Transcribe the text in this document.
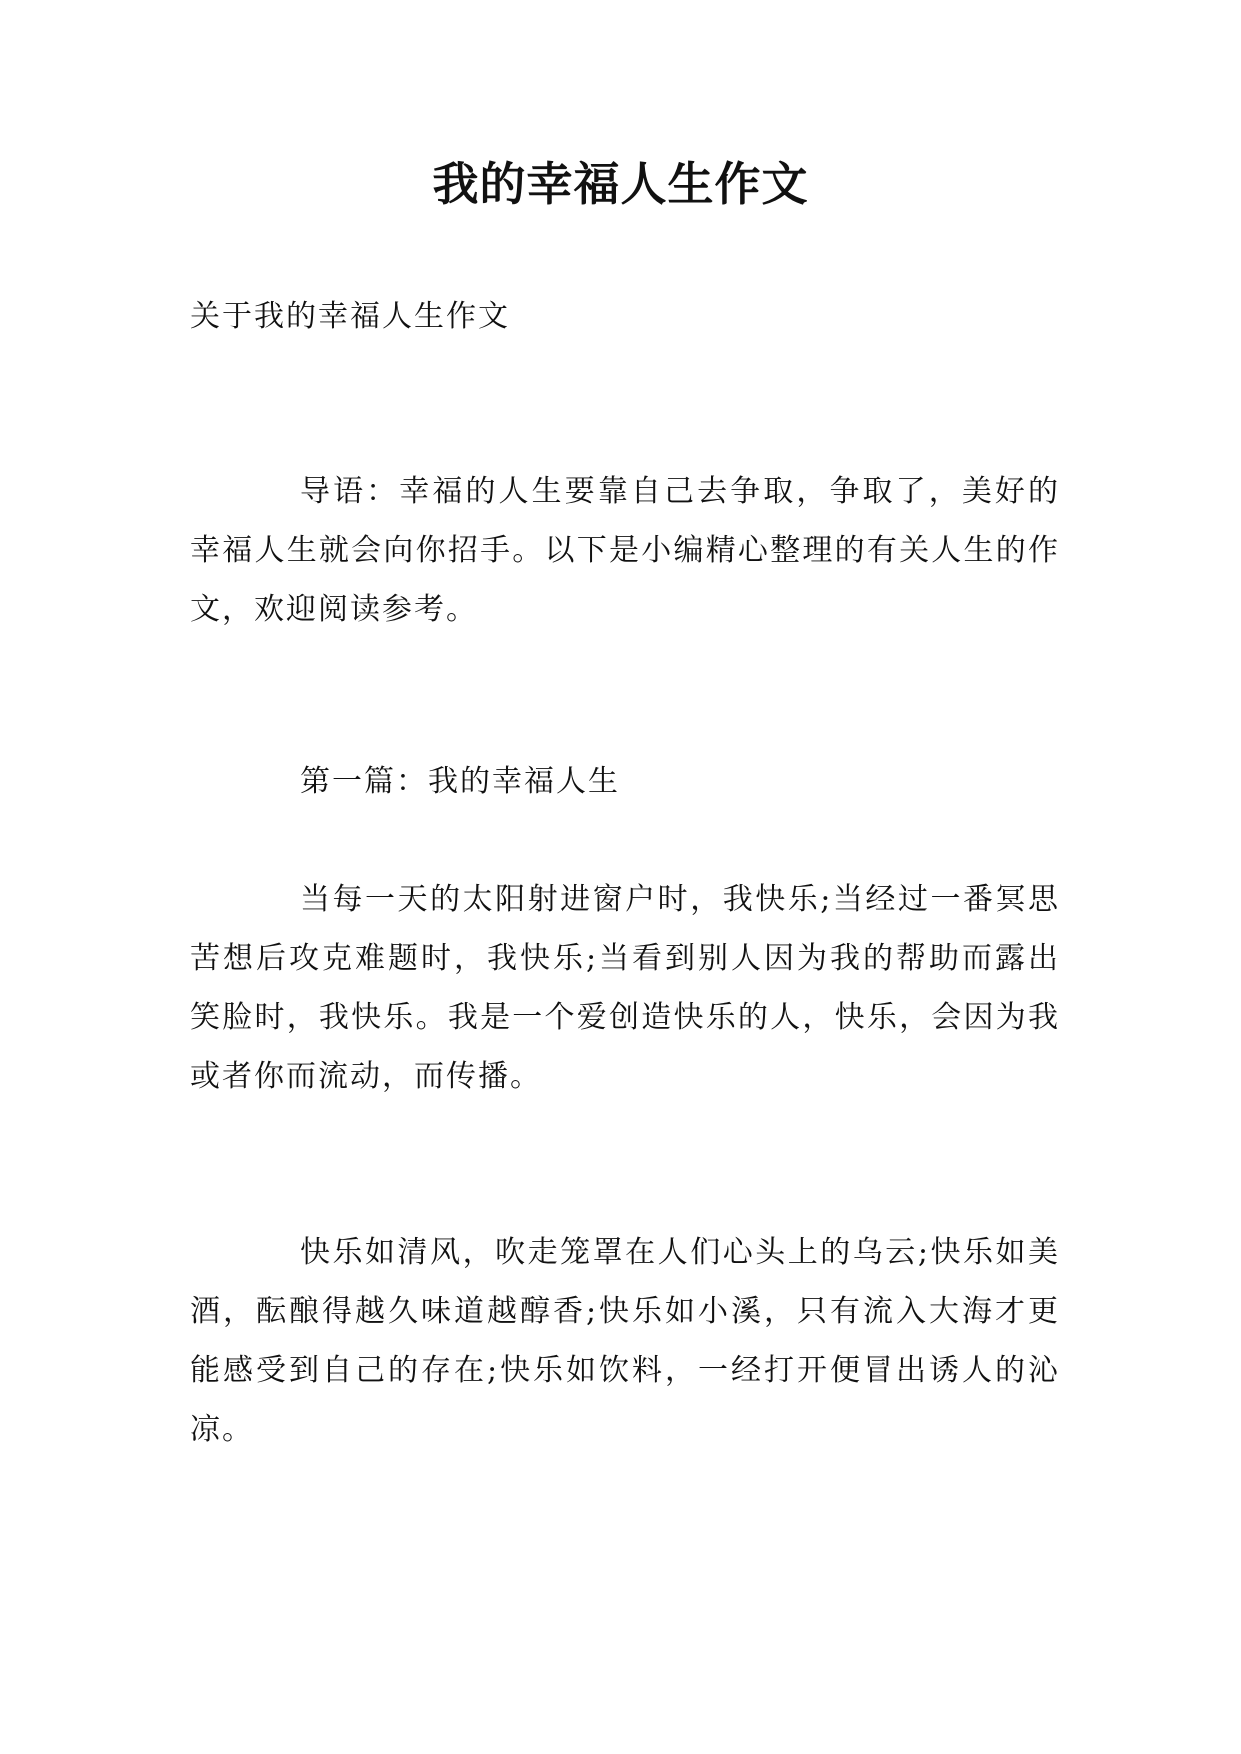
我的幸福人生作文

关于我的幸福人生作文

导语：幸福的人生要靠自己去争取，争取了，美好的幸福人生就会向你招手。以下是小编精心整理的有关人生的作文，欢迎阅读参考。

第一篇：我的幸福人生

当每一天的太阳射进窗户时，我快乐;当经过一番冥思苦想后攻克难题时，我快乐;当看到别人因为我的帮助而露出笑脸时，我快乐。我是一个爱创造快乐的人，快乐，会因为我或者你而流动，而传播。

快乐如清风，吹走笼罩在人们心头上的乌云;快乐如美酒，酝酿得越久味道越醇香;快乐如小溪，只有流入大海才更能感受到自己的存在;快乐如饮料，一经打开便冒出诱人的沁凉。
